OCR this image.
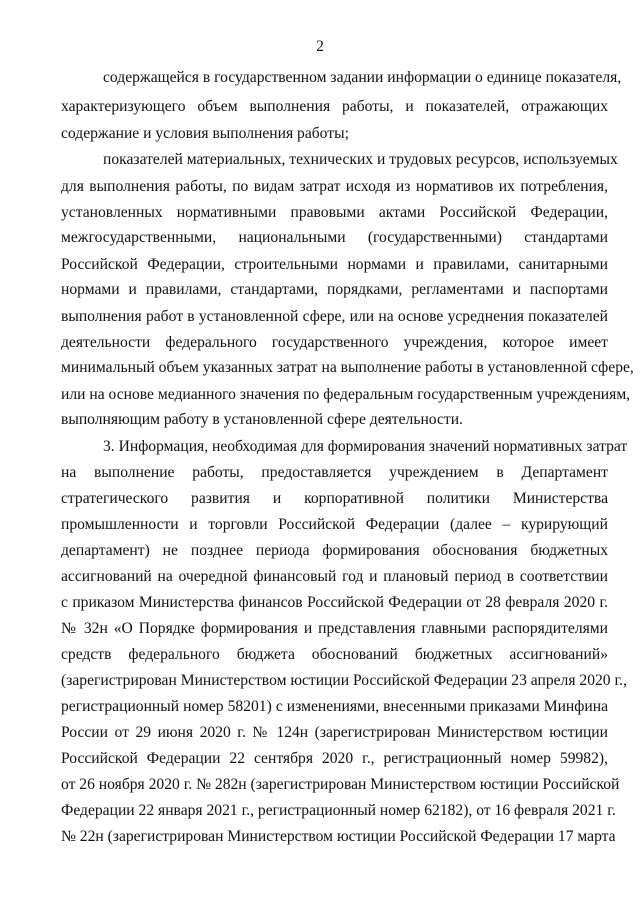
2
содержащейся в государственном задании информации о единице показателя,
характеризующего объем выполнения работы, и показателей, отражающих
содержание и условия выполнения работы;
показателей материальных, технических и трудовых ресурсов, используемых
для выполнения работы, по видам затрат исходя из нормативов их потребления,
установленных нормативными правовыми актами Российской Федерации,
межгосударственными, национальными (государственными) стандартами
Российской Федерации, строительными нормами и правилами, санитарными
нормами и правилами, стандартами, порядками, регламентами и паспортами
выполнения работ в установленной сфере, или на основе усреднения показателей
деятельности федерального государственного учреждения, которое имеет
минимальный объем указанных затрат на выполнение работы в установленной сфере,
или на основе медианного значения по федеральным государственным учреждениям,
выполняющим работу в установленной сфере деятельности.
3. Информация, необходимая для формирования значений нормативных затрат
на выполнение работы, предоставляется учреждением в Департамент
стратегического развития и корпоративной политики Министерства
промышленности и торговли Российской Федерации (далее – курирующий
департамент) не позднее периода формирования обоснования бюджетных
ассигнований на очередной финансовый год и плановый период в соответствии
с приказом Министерства финансов Российской Федерации от 28 февраля 2020 г.
№ 32н «О Порядке формирования и представления главными распорядителями
средств федерального бюджета обоснований бюджетных ассигнований»
(зарегистрирован Министерством юстиции Российской Федерации 23 апреля 2020 г.,
регистрационный номер 58201) с изменениями, внесенными приказами Минфина
России от 29 июня 2020 г. № 124н (зарегистрирован Министерством юстиции
Российской Федерации 22 сентября 2020 г., регистрационный номер 59982),
от 26 ноября 2020 г. № 282н (зарегистрирован Министерством юстиции Российской
Федерации 22 января 2021 г., регистрационный номер 62182), от 16 февраля 2021 г.
№ 22н (зарегистрирован Министерством юстиции Российской Федерации 17 марта
